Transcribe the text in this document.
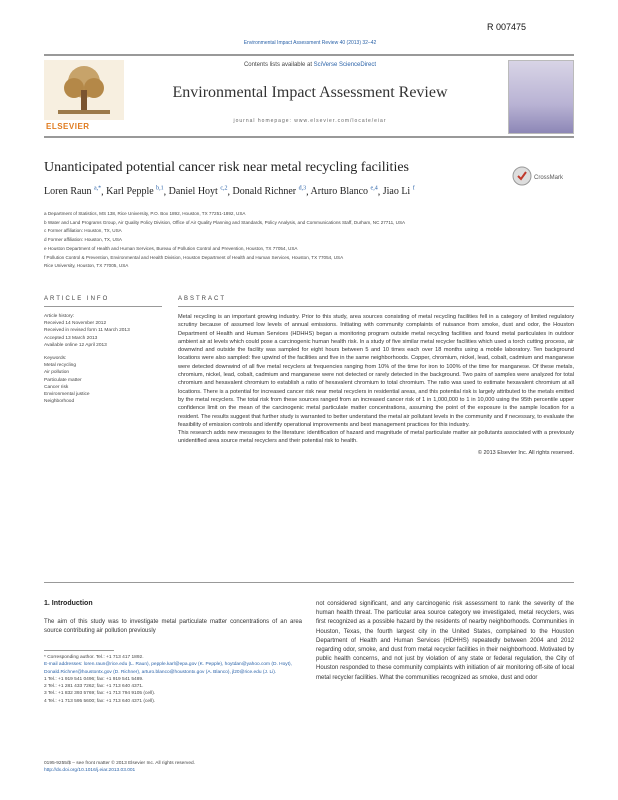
R 007475
Environmental Impact Assessment Review 40 (2013) 32–42
ELSEVIER
Contents lists available at SciVerse ScienceDirect
Environmental Impact Assessment Review
journal homepage: www.elsevier.com/locate/eiar
Unanticipated potential cancer risk near metal recycling facilities
CrossMark
Loren Raun $^{a,*}$, Karl Pepple $^{b,1}$, Daniel Hoyt $^{c,2}$, Donald Richner $^{d,3}$, Arturo Blanco $^{e,4}$, Jiao Li $^f$
a Department of Statistics, MS 138, Rice University, P.O. Box 1892, Houston, TX 77251-1892, USA
b Water and Land Programs Group, Air Quality Policy Division, Office of Air Quality Planning and Standards, Policy Analysis, and Communications Staff, Durham, NC 27711, USA
c Former affiliation: Houston, TX, USA
d Former affiliation: Houston, TX, USA
e Houston Department of Health and Human Services, Bureau of Pollution Control and Prevention, Houston, TX 77054, USA
f Pollution Control & Prevention, Environmental and Health Division, Houston Department of Health and Human Services, Houston, TX 77054, USA
Rice University, Houston, TX 77005, USA
ARTICLE INFO
Article history:
Received 14 November 2012
Received in revised form 11 March 2013
Accepted 13 March 2013
Available online 12 April 2013
Keywords:
Metal recycling
Air pollution
Particulate matter
Cancer risk
Environmental justice
Neighborhood
ABSTRACT
Metal recycling is an important growing industry. Prior to this study, area sources consisting of metal recycling facilities fell in a category of limited regulatory scrutiny because of assumed low levels of annual emissions. Initiating with community complaints of nuisance from smoke, dust and odor, the Houston Department of Health and Human Services (HDHHS) began a monitoring program outside metal recycling facilities and found metal particulates in outdoor ambient air at levels which could pose a carcinogenic human health risk. In a study of five similar metal recycler facilities which used a torch cutting process, air downwind and outside the facility was sampled for eight hours between 5 and 10 times each over 18 months using a mobile laboratory. Ten background locations were also sampled: five upwind of the facilities and five in the same neighborhoods. Copper, chromium, nickel, lead, cobalt, cadmium and manganese were detected downwind of all five metal recyclers at frequencies ranging from 10% of the time for iron to 100% of the time for manganese. Of these metals, chromium, nickel, lead, cobalt, cadmium and manganese were not detected or rarely detected in the background. Two pairs of samples were analyzed for total chromium and hexavalent chromium to establish a ratio of hexavalent chromium to total chromium. The ratio was used to estimate hexavalent chromium at all locations. There is a potential for increased cancer risk near metal recyclers in residential areas, and this potential risk is largely attributed to the metals emitted by the metal recyclers. The total risk from these sources ranged from an increased cancer risk of 1 in 1,000,000 to 1 in 10,000 using the 95th percentile upper confidence limit on the mean of the carcinogenic metal particulate matter concentrations, assuming the point of the exposure is the sample location for a resident. The results suggest that further study is warranted to better understand the metal air pollutant levels in the community and if necessary, to evaluate the feasibility of emission controls and identify operational improvements and best management practices for this industry.
This research adds new messages to the literature: identification of hazard and magnitude of metal particulate matter air pollutants associated with a previously unidentified area source metal recyclers and their potential risk to health.
© 2013 Elsevier Inc. All rights reserved.
1. Introduction
The aim of this study was to investigate metal particulate matter concentrations of an area source contributing air pollution previously
* Corresponding author. Tel.: +1 713 417 1892.
E-mail addresses: loren.raun@rice.edu (L. Raun), pepple.karl@epa.gov (K. Pepple), hoytdan@yahoo.com (D. Hoyt), Donald.Richner@houstontx.gov (D. Richner), arturo.blanco@houstontx.gov (A. Blanco), jl20@rice.edu (J. Li).
1 Tel.: +1 919 541 0496; fax: +1 919 541 5489.
2 Tel.: +1 281 433 7262; fax: +1 713 640 4371.
3 Tel.: +1 832 393 5769; fax: +1 713 794 9105 (cell).
4 Tel.: +1 713 595 5600; fax: +1 713 640 4371 (cell).
0195-9255/$ – see front matter © 2013 Elsevier Inc. All rights reserved.
http://dx.doi.org/10.1016/j.eiar.2013.03.001
not considered significant, and any carcinogenic risk assessment to rank the severity of the human health threat. The particular area source category we investigated, metal recyclers, was first recognized as a possible hazard by the residents of nearby neighborhoods. Communities in Houston, Texas, the fourth largest city in the United States, complained to the Houston Department of Health and Human Services (HDHHS) repeatedly between 2004 and 2012 regarding odor, smoke, and dust from metal recycler facilities in their neighborhood. Motivated by public health concerns, and not just by violation of any state or federal regulation, the City of Houston responded to these community complaints with initiation of air monitoring off-site of local metal recycler facilities. What the communities recognized as smoke, dust and odor
